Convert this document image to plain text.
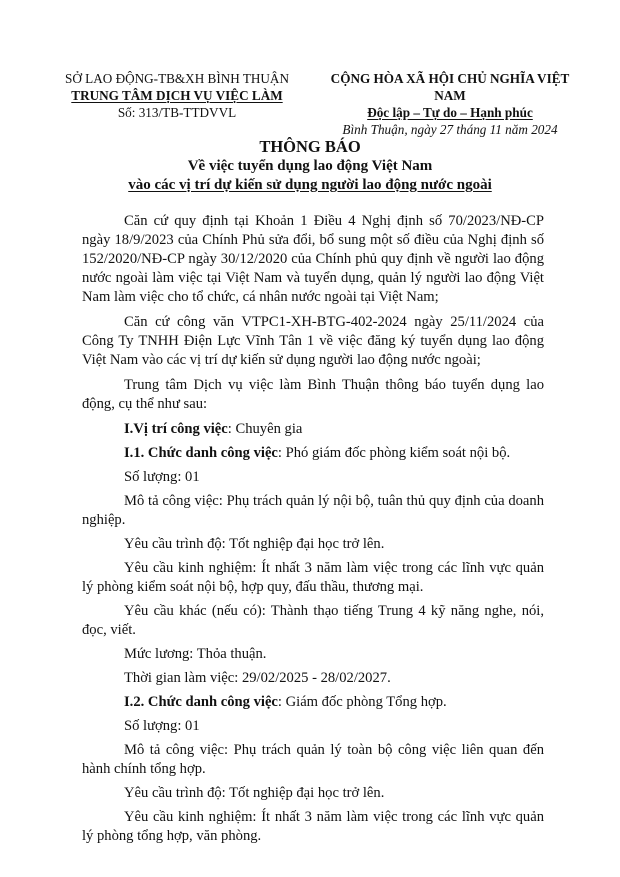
SỞ LAO ĐỘNG-TB&XH BÌNH THUẬN
TRUNG TÂM DỊCH VỤ VIỆC LÀM
Số: 313/TB-TTDVVL
CỘNG HÒA XÃ HỘI CHỦ NGHĨA VIỆT NAM
Độc lập – Tự do – Hạnh phúc
Bình Thuận, ngày 27 tháng 11 năm 2024
THÔNG BÁO
Về việc tuyển dụng lao động Việt Nam
vào các vị trí dự kiến sử dụng người lao động nước ngoài

Căn cứ quy định tại Khoản 1 Điều 4 Nghị định số 70/2023/NĐ-CP ngày 18/9/2023 của Chính Phủ sửa đổi, bổ sung một số điều của Nghị định số 152/2020/NĐ-CP ngày 30/12/2020 của Chính phủ quy định về người lao động nước ngoài làm việc tại Việt Nam và tuyển dụng, quản lý người lao động Việt Nam làm việc cho tổ chức, cá nhân nước ngoài tại Việt Nam;

Căn cứ công văn VTPC1-XH-BTG-402-2024 ngày 25/11/2024 của Công Ty TNHH Điện Lực Vĩnh Tân 1 về việc đăng ký tuyển dụng lao động Việt Nam vào các vị trí dự kiến sử dụng người lao động nước ngoài;

Trung tâm Dịch vụ việc làm Bình Thuận thông báo tuyển dụng lao động, cụ thể như sau:

I.Vị trí công việc: Chuyên gia

I.1. Chức danh công việc: Phó giám đốc phòng kiểm soát nội bộ.

Số lượng: 01

Mô tả công việc: Phụ trách quản lý nội bộ, tuân thủ quy định của doanh nghiệp.

Yêu cầu trình độ: Tốt nghiệp đại học trở lên.

Yêu cầu kinh nghiệm: Ít nhất 3 năm làm việc trong các lĩnh vực quản lý phòng kiểm soát nội bộ, hợp quy, đấu thầu, thương mại.

Yêu cầu khác (nếu có): Thành thạo tiếng Trung 4 kỹ năng nghe, nói, đọc, viết.

Mức lương: Thỏa thuận.

Thời gian làm việc: 29/02/2025 - 28/02/2027.

I.2. Chức danh công việc: Giám đốc phòng Tổng hợp.

Số lượng: 01

Mô tả công việc: Phụ trách quản lý toàn bộ công việc liên quan đến hành chính tổng hợp.

Yêu cầu trình độ: Tốt nghiệp đại học trở lên.

Yêu cầu kinh nghiệm: Ít nhất 3 năm làm việc trong các lĩnh vực quản lý phòng tổng hợp, văn phòng.
